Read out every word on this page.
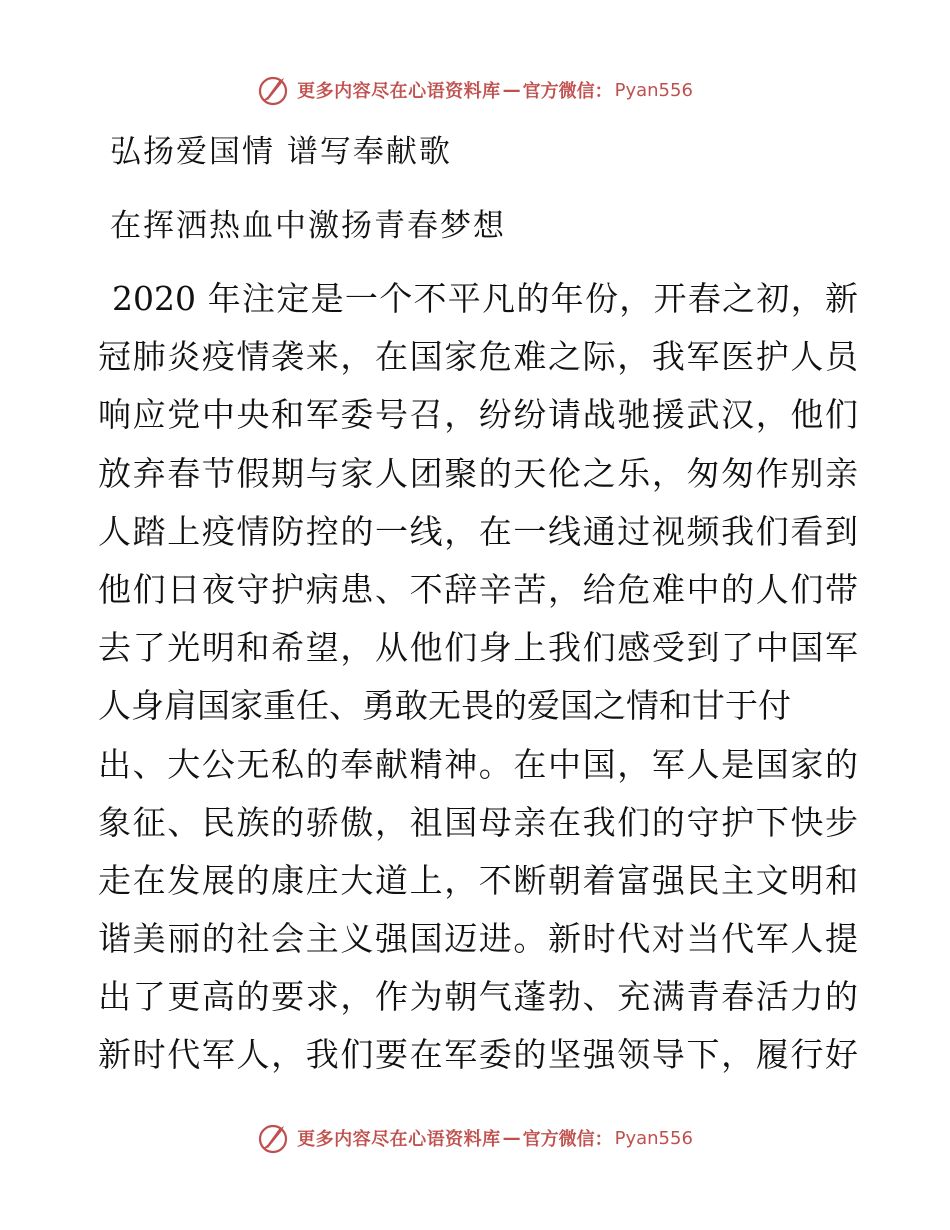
更多内容尽在心语资料库 — 官方微信： Pyan556
弘扬爱国情 谱写奉献歌
在挥洒热血中激扬青春梦想
2020 年注定是一个不平凡的年份，开春之初，新
冠肺炎疫情袭来，在国家危难之际，我军医护人员
响应党中央和军委号召，纷纷请战驰援武汉，他们
放弃春节假期与家人团聚的天伦之乐，匆匆作别亲
人踏上疫情防控的一线，在一线通过视频我们看到
他们日夜守护病患、不辞辛苦，给危难中的人们带
去了光明和希望，从他们身上我们感受到了中国军
人身肩国家重任、勇敢无畏的爱国之情和甘于付
出、大公无私的奉献精神。在中国，军人是国家的
象征、民族的骄傲，祖国母亲在我们的守护下快步
走在发展的康庄大道上，不断朝着富强民主文明和
谐美丽的社会主义强国迈进。新时代对当代军人提
出了更高的要求，作为朝气蓬勃、充满青春活力的
新时代军人，我们要在军委的坚强领导下，履行好
更多内容尽在心语资料库 — 官方微信： Pyan556
